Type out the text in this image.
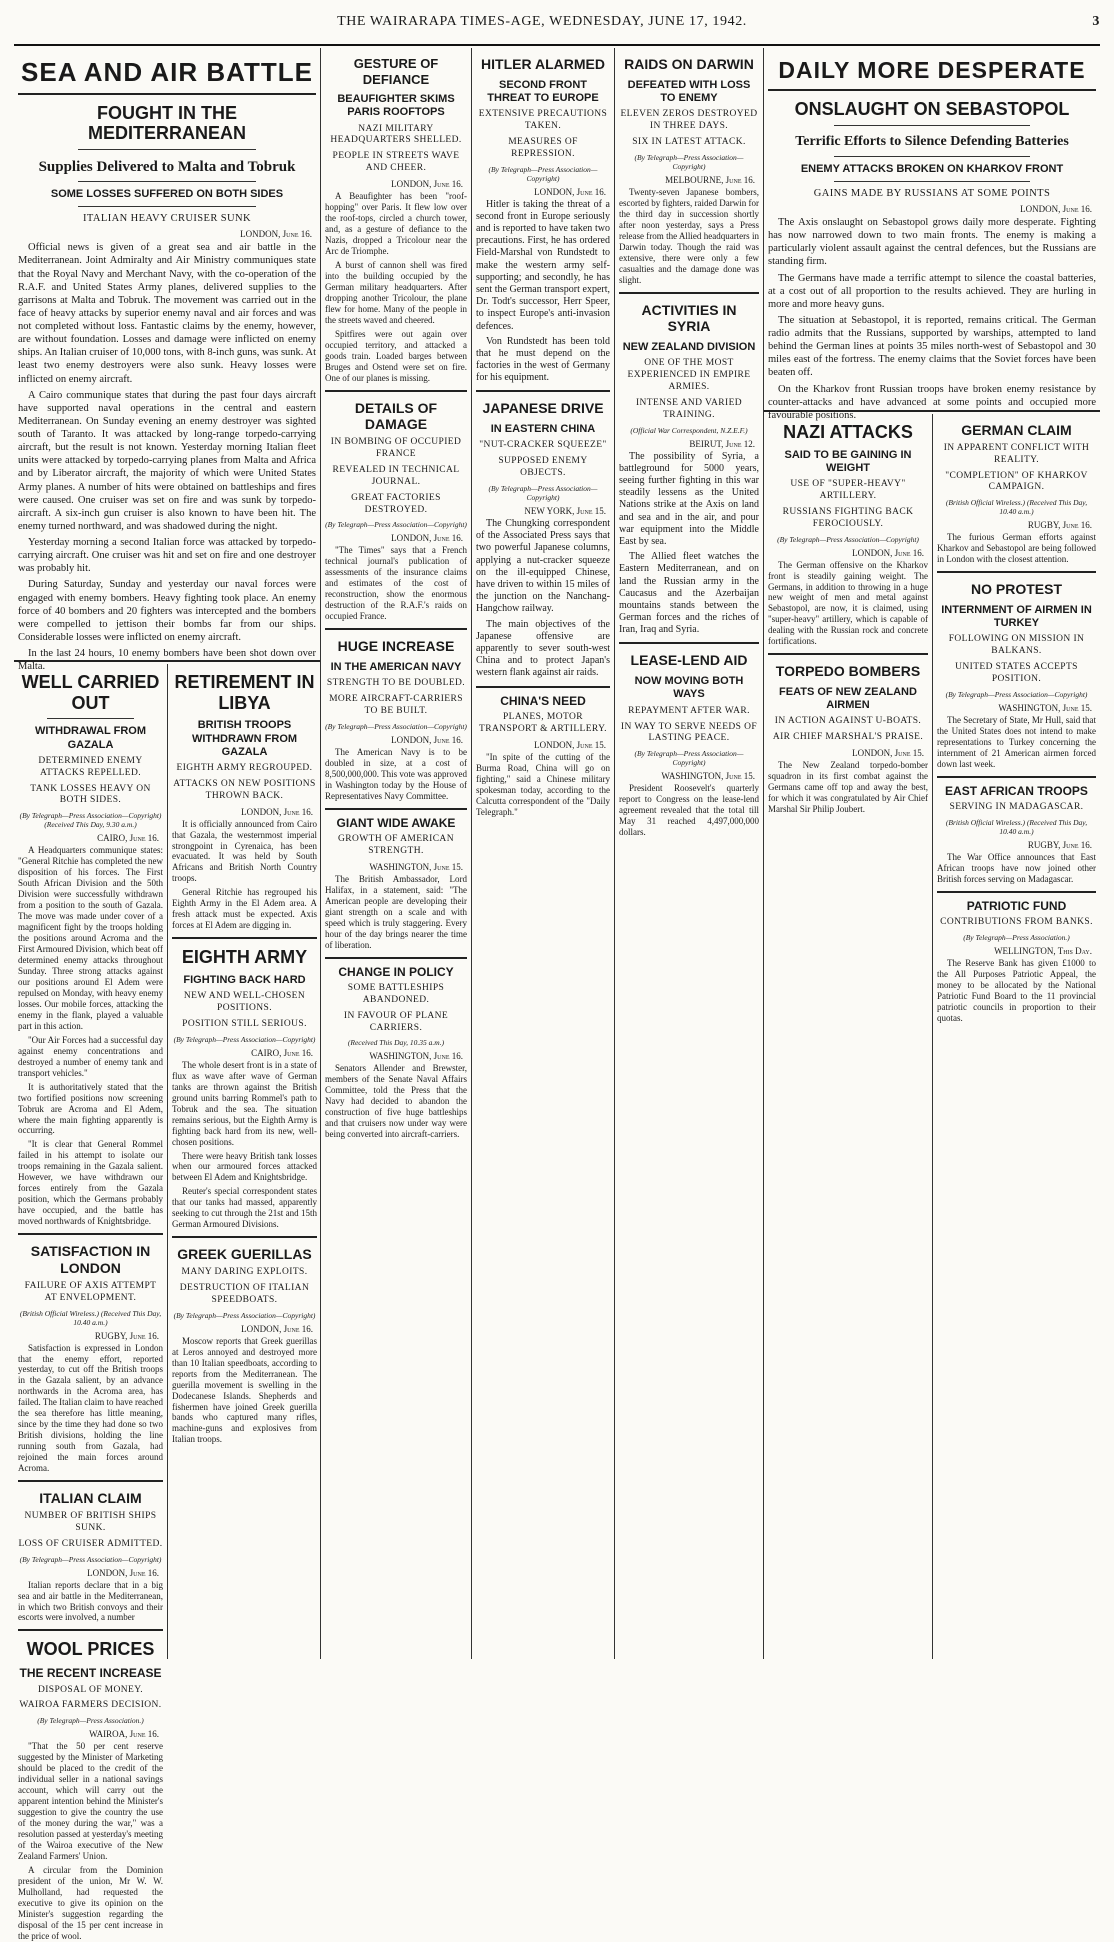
THE WAIRARAPA TIMES-AGE, WEDNESDAY, JUNE 17, 1942.	3
SEA AND AIR BATTLE
FOUGHT IN THE MEDITERRANEAN
Supplies Delivered to Malta and Tobruk
SOME LOSSES SUFFERED ON BOTH SIDES
ITALIAN HEAVY CRUISER SUNK
LONDON, June 16.

Official news is given of a great sea and air battle in the Mediterranean. Joint Admiralty and Air Ministry communiques state that the Royal Navy and Merchant Navy, with the co-operation of the R.A.F. and United States Army planes, delivered supplies to the garrisons at Malta and Tobruk. The movement was carried out in the face of heavy attacks by superior enemy naval and air forces and was not completed without loss. Fantastic claims by the enemy, however, are without foundation. Losses and damage were inflicted on enemy ships. An Italian cruiser of 10,000 tons, with 8-inch guns, was sunk. At least two enemy destroyers were also sunk. Heavy losses were inflicted on enemy aircraft.

A Cairo communique states that during the past four days aircraft have supported naval operations in the central and eastern Mediterranean. On Sunday evening an enemy destroyer was sighted south of Taranto. It was attacked by long-range torpedo-carrying aircraft, but the result is not known. Yesterday morning Italian fleet units were attacked by torpedo-carrying planes from Malta and Africa and by Liberator aircraft, the majority of which were United States Army planes. A number of hits were obtained on battleships and fires were caused. One cruiser was set on fire and was sunk by torpedo-aircraft. A six-inch gun cruiser is also known to have been hit. The enemy turned northward, and was shadowed during the night.

Yesterday morning a second Italian force was attacked by torpedo-carrying aircraft. One cruiser was hit and set on fire and one destroyer was probably hit.

During Saturday, Sunday and yesterday our naval forces were engaged with enemy bombers. Heavy fighting took place. An enemy force of 40 bombers and 20 fighters was intercepted and the bombers were compelled to jettison their bombs far from our ships. Considerable losses were inflicted on enemy aircraft.

In the last 24 hours, 10 enemy bombers have been shot down over Malta.

WELL CARRIED OUT
WITHDRAWAL FROM GAZALA
DETERMINED ENEMY ATTACKS REPELLED.
TANK LOSSES HEAVY ON BOTH SIDES.
(By Telegraph—Press Association—Copyright) (Received This Day, 9.30 a.m.)
CAIRO, June 16.

A Headquarters communique states: "General Ritchie has completed the new disposition of his forces. The First South African Division and the 50th Division were successfully withdrawn from a position to the south of Gazala. The move was made under cover of a magnificent fight by the troops holding the positions around Acroma and the First Armoured Division, which beat off determined enemy attacks throughout Sunday. Three strong attacks against our positions around El Adem were repulsed on Monday, with heavy enemy losses. Our mobile forces, attacking the enemy in the flank, played a valuable part in this action.

"Our Air Forces had a successful day against enemy concentrations and destroyed a number of enemy tank and transport vehicles."

It is authoritatively stated that the two fortified positions now screening Tobruk are Acroma and El Adem, where the main fighting apparently is occurring.

"It is clear that General Rommel failed in his attempt to isolate our troops remaining in the Gazala salient. However, we have withdrawn our forces entirely from the Gazala position, which the Germans probably have occupied, and the battle has moved northwards of Knightsbridge.

SATISFACTION IN LONDON
FAILURE OF AXIS ATTEMPT AT ENVELOPMENT.
(British Official Wireless.) (Received This Day, 10.40 a.m.)
RUGBY, June 16.

Satisfaction is expressed in London that the enemy effort, reported yesterday, to cut off the British troops in the Gazala salient, by an advance northwards in the Acroma area, has failed. The Italian claim to have reached the sea therefore has little meaning, since by the time they had done so two British divisions, holding the line running south from Gazala, had rejoined the main forces around Acroma.

ITALIAN CLAIM
NUMBER OF BRITISH SHIPS SUNK.
LOSS OF CRUISER ADMITTED.
(By Telegraph—Press Association—Copyright)
LONDON, June 16.

Italian reports declare that in a big sea and air battle in the Mediterranean, in which two British convoys and their escorts were involved, a number

WOOL PRICES
THE RECENT INCREASE
DISPOSAL OF MONEY.
WAIROA FARMERS DECISION.
(By Telegraph—Press Association.)
WAIROA, June 16.

"That the 50 per cent reserve suggested by the Minister of Marketing should be placed to the credit of the individual seller in a national savings account, which will carry out the apparent intention behind the Minister's suggestion to give the country the use of the money during the war," was a resolution passed at yesterday's meeting of the Wairoa executive of the New Zealand Farmers' Union.

A circular from the Dominion president of the union, Mr W. W. Mulholland, had requested the executive to give its opinion on the Minister's suggestion regarding the disposal of the 15 per cent increase in the price of wool.

RETIREMENT IN LIBYA
BRITISH TROOPS WITHDRAWN FROM GAZALA
EIGHTH ARMY REGROUPED.
ATTACKS ON NEW POSITIONS THROWN BACK.
LONDON, June 16.

It is officially announced from Cairo that Gazala, the westernmost imperial strongpoint in Cyrenaica, has been evacuated. It was held by South Africans and British North Country troops.

General Ritchie has regrouped his Eighth Army in the El Adem area. A fresh attack must be expected. Axis forces at El Adem are digging in.

EIGHTH ARMY
FIGHTING BACK HARD
NEW AND WELL-CHOSEN POSITIONS.
POSITION STILL SERIOUS.
(By Telegraph—Press Association—Copyright)
CAIRO, June 16.

The whole desert front is in a state of flux as wave after wave of German tanks are thrown against the British ground units barring Rommel's path to Tobruk and the sea. The situation remains serious, but the Eighth Army is fighting back hard from its new, well-chosen positions.

There were heavy British tank losses when our armoured forces attacked between El Adem and Knightsbridge.

Reuter's special correspondent states that our tanks had massed, apparently seeking to cut through the 21st and 15th German Armoured Divisions.

GREEK GUERILLAS
MANY DARING EXPLOITS.
DESTRUCTION OF ITALIAN SPEEDBOATS.
(By Telegraph—Press Association—Copyright)
LONDON, June 16.

Moscow reports that Greek guerillas at Leros annoyed and destroyed more than 10 Italian speedboats, according to reports from the Mediterranean. The guerilla movement is swelling in the Dodecanese Islands. Shepherds and fishermen have joined Greek guerilla bands who captured many rifles, machine-guns and explosives from Italian troops.

GESTURE OF DEFIANCE
BEAUFIGHTER SKIMS PARIS ROOFTOPS
NAZI MILITARY HEADQUARTERS SHELLED.
PEOPLE IN STREETS WAVE AND CHEER.
LONDON, June 16.

A Beaufighter has been "roof-hopping" over Paris. It flew low over the roof-tops, circled a church tower, and, as a gesture of defiance to the Nazis, dropped a Tricolour near the Arc de Triomphe.

A burst of cannon shell was fired into the building occupied by the German military headquarters. After dropping another Tricolour, the plane flew for home. Many of the people in the streets waved and cheered.

Spitfires were out again over occupied territory, and attacked a goods train. Loaded barges between Bruges and Ostend were set on fire. One of our planes is missing.

DETAILS OF DAMAGE
IN BOMBING OF OCCUPIED FRANCE
REVEALED IN TECHNICAL JOURNAL.
GREAT FACTORIES DESTROYED.
(By Telegraph—Press Association—Copyright)
LONDON, June 16.

"The Times" says that a French technical journal's publication of assessments of the insurance claims and estimates of the cost of reconstruction, show the enormous destruction of the R.A.F.'s raids on occupied France.

HUGE INCREASE
IN THE AMERICAN NAVY
STRENGTH TO BE DOUBLED.
MORE AIRCRAFT-CARRIERS TO BE BUILT.
(By Telegraph—Press Association—Copyright)
LONDON, June 16.

The American Navy is to be doubled in size, at a cost of 8,500,000,000. This vote was approved in Washington today by the House of Representatives Navy Committee.

GIANT WIDE AWAKE
GROWTH OF AMERICAN STRENGTH.
WASHINGTON, June 15.

The British Ambassador, Lord Halifax, in a statement, said: "The American people are developing their giant strength on a scale and with speed which is truly staggering. Every hour of the day brings nearer the time of liberation.

CHANGE IN POLICY
SOME BATTLESHIPS ABANDONED.
IN FAVOUR OF PLANE CARRIERS.
(Received This Day, 10.35 a.m.)
WASHINGTON, June 16.

Senators Allender and Brewster, members of the Senate Naval Affairs Committee, told the Press that the Navy had decided to abandon the construction of five huge battleships and that cruisers now under way were being converted into aircraft-carriers.

HITLER ALARMED
SECOND FRONT THREAT TO EUROPE
EXTENSIVE PRECAUTIONS TAKEN.
MEASURES OF REPRESSION.
(By Telegraph—Press Association—Copyright)
LONDON, June 16.

Hitler is taking the threat of a second front in Europe seriously and is reported to have taken two precautions. First, he has ordered Field-Marshal von Rundstedt to make the western army self-supporting; and secondly, he has sent the German transport expert, Dr. Todt's successor, Herr Speer, to inspect Europe's anti-invasion defences.

Von Rundstedt has been told that he must depend on the factories in the west of Germany for his equipment.

JAPANESE DRIVE
IN EASTERN CHINA
"NUT-CRACKER SQUEEZE"
SUPPOSED ENEMY OBJECTS.
(By Telegraph—Press Association—Copyright)
NEW YORK, June 15.

The Chungking correspondent of the Associated Press says that two powerful Japanese columns, applying a nut-cracker squeeze on the ill-equipped Chinese, have driven to within 15 miles of the junction on the Nanchang-Hangchow railway.

The main objectives of the Japanese offensive are apparently to sever south-west China and to protect Japan's western flank against air raids.

CHINA'S NEED
PLANES, MOTOR TRANSPORT & ARTILLERY.
LONDON, June 15.

"In spite of the cutting of the Burma Road, China will go on fighting," said a Chinese military spokesman today, according to the Calcutta correspondent of the "Daily Telegraph."

RAIDS ON DARWIN
DEFEATED WITH LOSS TO ENEMY
ELEVEN ZEROS DESTROYED IN THREE DAYS.
SIX IN LATEST ATTACK.
(By Telegraph—Press Association—Copyright)
MELBOURNE, June 16.

Twenty-seven Japanese bombers, escorted by fighters, raided Darwin for the third day in succession shortly after noon yesterday, says a Press release from the Allied headquarters in Darwin today. Though the raid was extensive, there were only a few casualties and the damage done was slight.

ACTIVITIES IN SYRIA
NEW ZEALAND DIVISION
ONE OF THE MOST EXPERIENCED IN EMPIRE ARMIES.
INTENSE AND VARIED TRAINING.
(Official War Correspondent, N.Z.E.F.)
BEIRUT, June 12.

The possibility of Syria, a battleground for 5000 years, seeing further fighting in this war steadily lessens as the United Nations strike at the Axis on land and sea and in the air, and pour war equipment into the Middle East by sea.

The Allied fleet watches the Eastern Mediterranean, and on land the Russian army in the Caucasus and the Azerbaijan mountains stands between the German forces and the riches of Iran, Iraq and Syria.

LEASE-LEND AID
NOW MOVING BOTH WAYS
REPAYMENT AFTER WAR.
IN WAY TO SERVE NEEDS OF LASTING PEACE.
(By Telegraph—Press Association—Copyright)
WASHINGTON, June 15.

President Roosevelt's quarterly report to Congress on the lease-lend agreement revealed that the total till May 31 reached 4,497,000,000 dollars.

DAILY MORE DESPERATE
ONSLAUGHT ON SEBASTOPOL
Terrific Efforts to Silence Defending Batteries
ENEMY ATTACKS BROKEN ON KHARKOV FRONT
GAINS MADE BY RUSSIANS AT SOME POINTS
LONDON, June 16.

The Axis onslaught on Sebastopol grows daily more desperate. Fighting has now narrowed down to two main fronts. The enemy is making a particularly violent assault against the central defences, but the Russians are standing firm.

The Germans have made a terrific attempt to silence the coastal batteries, at a cost out of all proportion to the results achieved. They are hurling in more and more heavy guns.

The situation at Sebastopol, it is reported, remains critical. The German radio admits that the Russians, supported by warships, attempted to land behind the German lines at points 35 miles north-west of Sebastopol and 30 miles east of the fortress. The enemy claims that the Soviet forces have been beaten off.

On the Kharkov front Russian troops have broken enemy resistance by counter-attacks and have advanced at some points and occupied more favourable positions.

NAZI ATTACKS
SAID TO BE GAINING IN WEIGHT
USE OF "SUPER-HEAVY" ARTILLERY.
RUSSIANS FIGHTING BACK FEROCIOUSLY.
(By Telegraph—Press Association—Copyright)
LONDON, June 16.

The German offensive on the Kharkov front is steadily gaining weight. The Germans, in addition to throwing in a huge new weight of men and metal against Sebastopol, are now, it is claimed, using "super-heavy" artillery, which is capable of dealing with the Russian rock and concrete fortifications.

TORPEDO BOMBERS
FEATS OF NEW ZEALAND AIRMEN
IN ACTION AGAINST U-BOATS.
AIR CHIEF MARSHAL'S PRAISE.
LONDON, June 15.

The New Zealand torpedo-bomber squadron in its first combat against the Germans came off top and away the best, for which it was congratulated by Air Chief Marshal Sir Philip Joubert.

GERMAN CLAIM
IN APPARENT CONFLICT WITH REALITY.
"COMPLETION" OF KHARKOV CAMPAIGN.
(British Official Wireless.) (Received This Day, 10.40 a.m.)
RUGBY, June 16.

The furious German efforts against Kharkov and Sebastopol are being followed in London with the closest attention.

NO PROTEST
INTERNMENT OF AIRMEN IN TURKEY
FOLLOWING ON MISSION IN BALKANS.
UNITED STATES ACCEPTS POSITION.
(By Telegraph—Press Association—Copyright)
WASHINGTON, June 15.

The Secretary of State, Mr Hull, said that the United States does not intend to make representations to Turkey concerning the internment of 21 American airmen forced down last week.

EAST AFRICAN TROOPS
SERVING IN MADAGASCAR.
(British Official Wireless.) (Received This Day, 10.40 a.m.)
RUGBY, June 16.

The War Office announces that East African troops have now joined other British forces serving on Madagascar.

PATRIOTIC FUND
CONTRIBUTIONS FROM BANKS.
(By Telegraph—Press Association.)
WELLINGTON, This Day.

The Reserve Bank has given £1000 to the All Purposes Patriotic Appeal, the money to be allocated by the National Patriotic Fund Board to the 11 provincial patriotic councils in proportion to their quotas.
